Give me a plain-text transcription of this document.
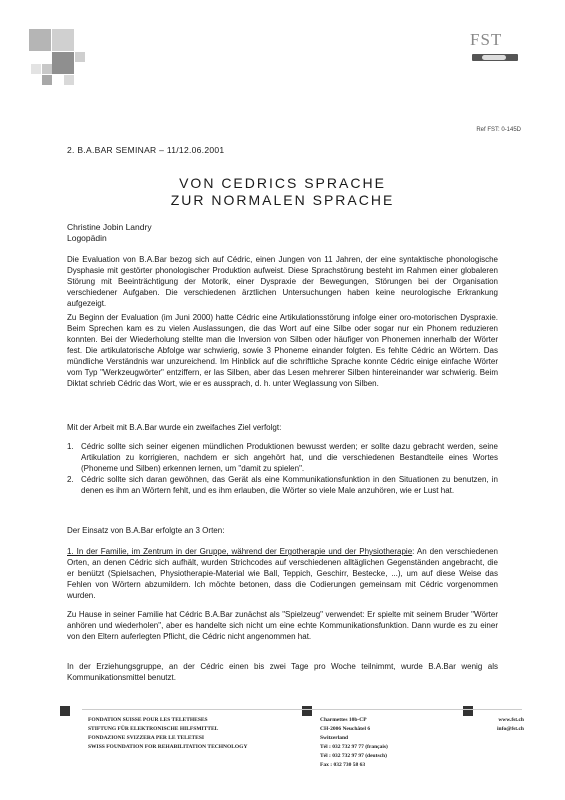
FST
Ref FST: 0-145D
2. B.A.BAR SEMINAR – 11/12.06.2001
VON CEDRICS SPRACHE
ZUR NORMALEN SPRACHE
Christine Jobin Landry
Logopädin
Die Evaluation von B.A.Bar bezog sich auf Cédric, einen Jungen von 11 Jahren, der eine syntaktische phonologische Dysphasie mit gestörter phonologischer Produktion aufweist. Diese Sprachstörung besteht im Rahmen einer globaleren Störung mit Beeinträchtigung der Motorik, einer Dyspraxie der Bewegungen, Störungen bei der Organisation verschiedener Aufgaben. Die verschiedenen ärztlichen Untersuchungen haben keine neurologische Erkrankung aufgezeigt.
Zu Beginn der Evaluation (im Juni 2000) hatte Cédric eine Artikulationsstörung infolge einer oro-motorischen Dyspraxie. Beim Sprechen kam es zu vielen Auslassungen, die das Wort auf eine Silbe oder sogar nur ein Phonem reduzieren konnten. Bei der Wiederholung stellte man die Inversion von Silben oder häufiger von Phonemen innerhalb der Wörter fest. Die artikulatorische Abfolge war schwierig, sowie 3 Phoneme einander folgten. Es fehlte Cédric an Wörtern. Das mündliche Verständnis war unzureichend. Im Hinblick auf die schriftliche Sprache konnte Cédric einige einfache Wörter vom Typ "Werkzeugwörter" entziffern, er las Silben, aber das Lesen mehrerer Silben hintereinander war schwierig. Beim Diktat schrieb Cédric das Wort, wie er es aussprach, d. h. unter Weglassung von Silben.
Mit der Arbeit mit B.A.Bar wurde ein zweifaches Ziel verfolgt:
1. Cédric sollte sich seiner eigenen mündlichen Produktionen bewusst werden; er sollte dazu gebracht werden, seine Artikulation zu korrigieren, nachdem er sich angehört hat, und die verschiedenen Bestandteile eines Wortes (Phoneme und Silben) erkennen lernen, um "damit zu spielen".
2. Cédric sollte sich daran gewöhnen, das Gerät als eine Kommunikationsfunktion in den Situationen zu benutzen, in denen es ihm an Wörtern fehlt, und es ihm erlauben, die Wörter so viele Male anzuhören, wie er Lust hat.
Der Einsatz von B.A.Bar erfolgte an 3 Orten:
1. In der Familie, im Zentrum in der Gruppe, während der Ergotherapie und der Physiotherapie: An den verschiedenen Orten, an denen Cédric sich aufhält, wurden Strichcodes auf verschiedenen alltäglichen Gegenständen angebracht, die er benützt (Spielsachen, Physiotherapie-Material wie Ball, Teppich, Geschirr, Bestecke, ...), um auf diese Weise das Fehlen von Wörtern abzumildern. Ich möchte betonen, dass die Codierungen gemeinsam mit Cédric vorgenommen wurden.
Zu Hause in seiner Familie hat Cédric B.A.Bar zunächst als "Spielzeug" verwendet: Er spielte mit seinem Bruder "Wörter anhören und wiederholen", aber es handelte sich nicht um eine echte Kommunikationsfunktion. Dann wurde es zu einer von den Eltern auferlegten Pflicht, die Cédric nicht angenommen hat.
In der Erziehungsgruppe, an der Cédric einen bis zwei Tage pro Woche teilnimmt, wurde B.A.Bar wenig als Kommunikationsmittel benutzt.
FONDATION SUISSE POUR LES TELETHESES
STIFTUNG FÜR ELEKTRONISCHE HILFSMITTEL
FONDAZIONE SVIZZERA PER LE TELETESI
SWISS FOUNDATION FOR REHABILITATION TECHNOLOGY
Charmettes 10b-CP
CH-2006 Neuchâtel 6
Switzerland
Tél : 032 732 97 77 (français)
Tél : 032 732 97 97 (deutsch)
Fax : 032 730 58 63
www.fst.ch
info@fst.ch
